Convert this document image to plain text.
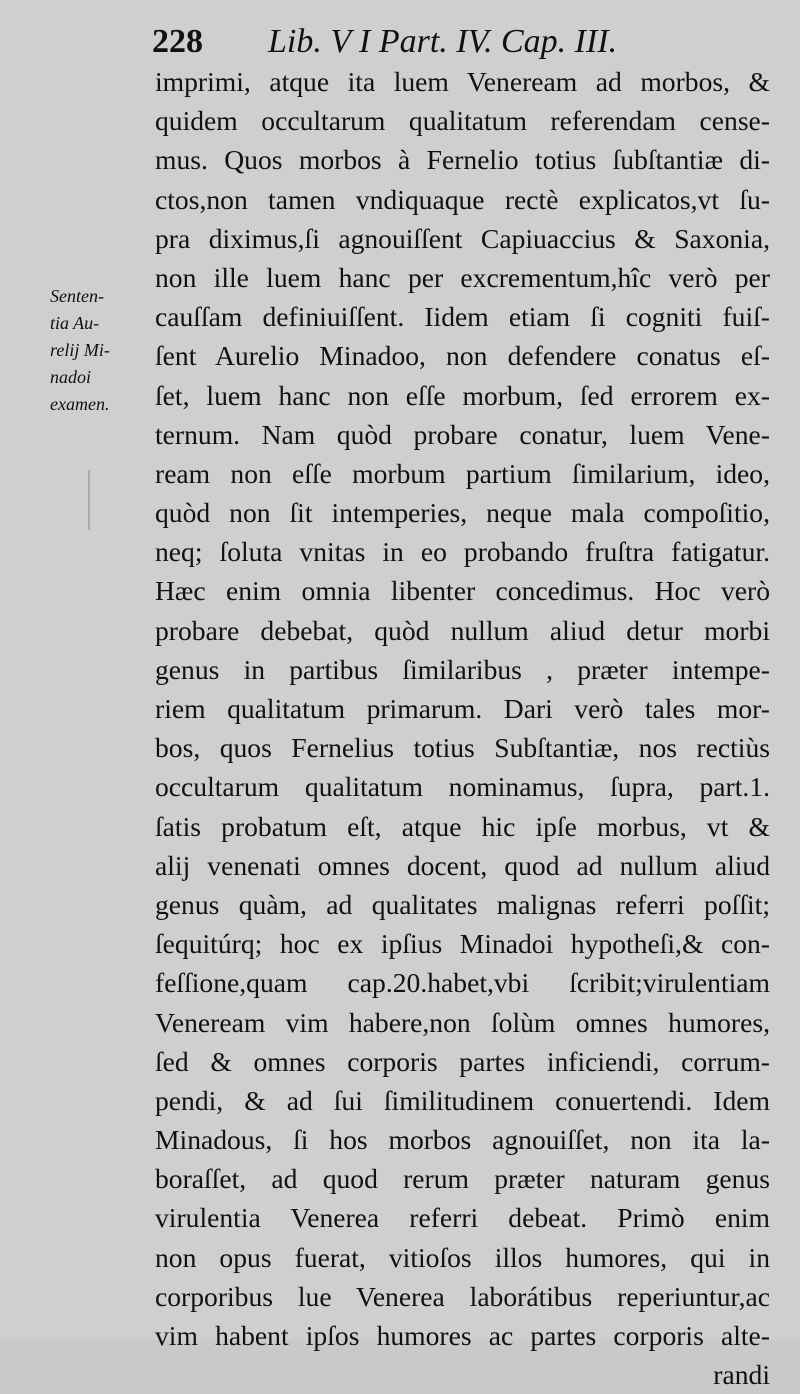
228 Lib. V I Part. IV. Cap. III.
Senten-
tia Au-
relij Mi-
nadoi
examen.
imprimi, atque ita luem Veneream ad morbos, &
quidem occultarum qualitatum referendam cense-
mus. Quos morbos à Fernelio totius ſubſtantiæ di-
ctos,non tamen vndiquaque rectè explicatos,vt ſu-
pra diximus,ſi agnouiſſent Capiuaccius & Saxonia,
non ille luem hanc per excrementum,hîc verò per
cauſſam definiuiſſent. Iidem etiam ſi cogniti fuiſ-
ſent Aurelio Minadoo, non defendere conatus eſ-
ſet, luem hanc non eſſe morbum, ſed errorem ex-
ternum. Nam quòd probare conatur, luem Vene-
ream non eſſe morbum partium ſimilarium, ideo,
quòd non ſit intemperies, neque mala compoſitio,
neq; ſoluta vnitas in eo probando fruſtra fatigatur.
Hæc enim omnia libenter concedimus. Hoc verò
probare debebat, quòd nullum aliud detur morbi
genus in partibus ſimilaribus , præter intempe-
riem qualitatum primarum. Dari verò tales mor-
bos, quos Fernelius totius Subſtantiæ, nos rectiùs
occultarum qualitatum nominamus, ſupra, part.1.
ſatis probatum eſt, atque hic ipſe morbus, vt &
alij venenati omnes docent, quod ad nullum aliud
genus quàm, ad qualitates malignas referri poſſit;
ſequitúrq; hoc ex ipſius Minadoi hypotheſi,& con-
feſſione,quam cap.20.habet,vbi ſcribit;virulentiam
Veneream vim habere,non ſolùm omnes humores,
ſed & omnes corporis partes inficiendi, corrum-
pendi, & ad ſui ſimilitudinem conuertendi. Idem
Minadous, ſi hos morbos agnouiſſet, non ita la-
boraſſet, ad quod rerum præter naturam genus
virulentia Venerea referri debeat. Primò enim
non opus fuerat, vitioſos illos humores, qui in
corporibus lue Venerea laborátibus reperiuntur,ac
vim habent ipſos humores ac partes corporis alte-
randi
